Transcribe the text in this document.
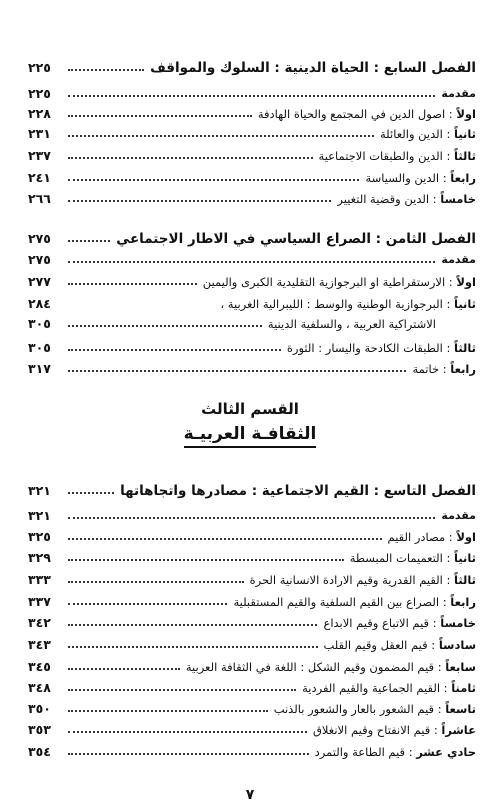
٢٢٥	الفصل السابع : الحياة الدينية : السلوك والمواقف
٢٢٥	مقدمة
٢٢٨	اولاً : اصول الدين في المجتمع والحياة الهادفة
٢٣١	ثانياً : الدين والعائلة
٢٣٧	ثالثاً : الدين والطبقات الاجتماعية
٢٤١	رابعاً : الدين والسياسة
٢٦٦	خامساً : الدين وقضية التغيير
٢٧٥	الفصل الثامن : الصراع السياسي في الاطار الاجتماعي
٢٧٥	مقدمة
٢٧٧	اولاً : الارستقراطية او البرجوازية التقليدية الكبرى واليمين
٢٨٤	ثانياً : البرجوازية الوطنية والوسط : الليبرالية الغربية ،
٣٠٥	الاشتراكية العربية ، والسلفية الدينية
٣٠٥	ثالثاً : الطبقات الكادحة واليسار : الثورة
٣١٧	رابعاً : خاتمة
القسم الثالث
الثقافـة العربيـة
٣٢١	الفصل التاسع : القيم الاجتماعية : مصادرها واتجاهاتها
٣٢١	مقدمة
٣٢٥	اولاً : مصادر القيم
٣٢٩	ثانياً : التعميمات المبسطة
٣٣٣	ثالثاً : القيم القدرية وقيم الارادة الانسانية الحرة
٣٣٧	رابعاً : الصراع بين القيم السلفية والقيم المستقبلية
٣٤٢	خامساً : قيم الاتباع وقيم الابداع
٣٤٣	سادساً : قيم العقل وقيم القلب
٣٤٥	سابعاً : قيم المضمون وقيم الشكل : اللغة في الثقافة العربية
٣٤٨	ثامناً : القيم الجماعية والقيم الفردية
٣٥٠	تاسعاً : قيم الشعور بالعار والشعور بالذنب
٣٥٣	عاشراً : قيم الانفتاح وقيم الانغلاق
٣٥٤	حادي عشر : قيم الطاعة والتمرد
٧
